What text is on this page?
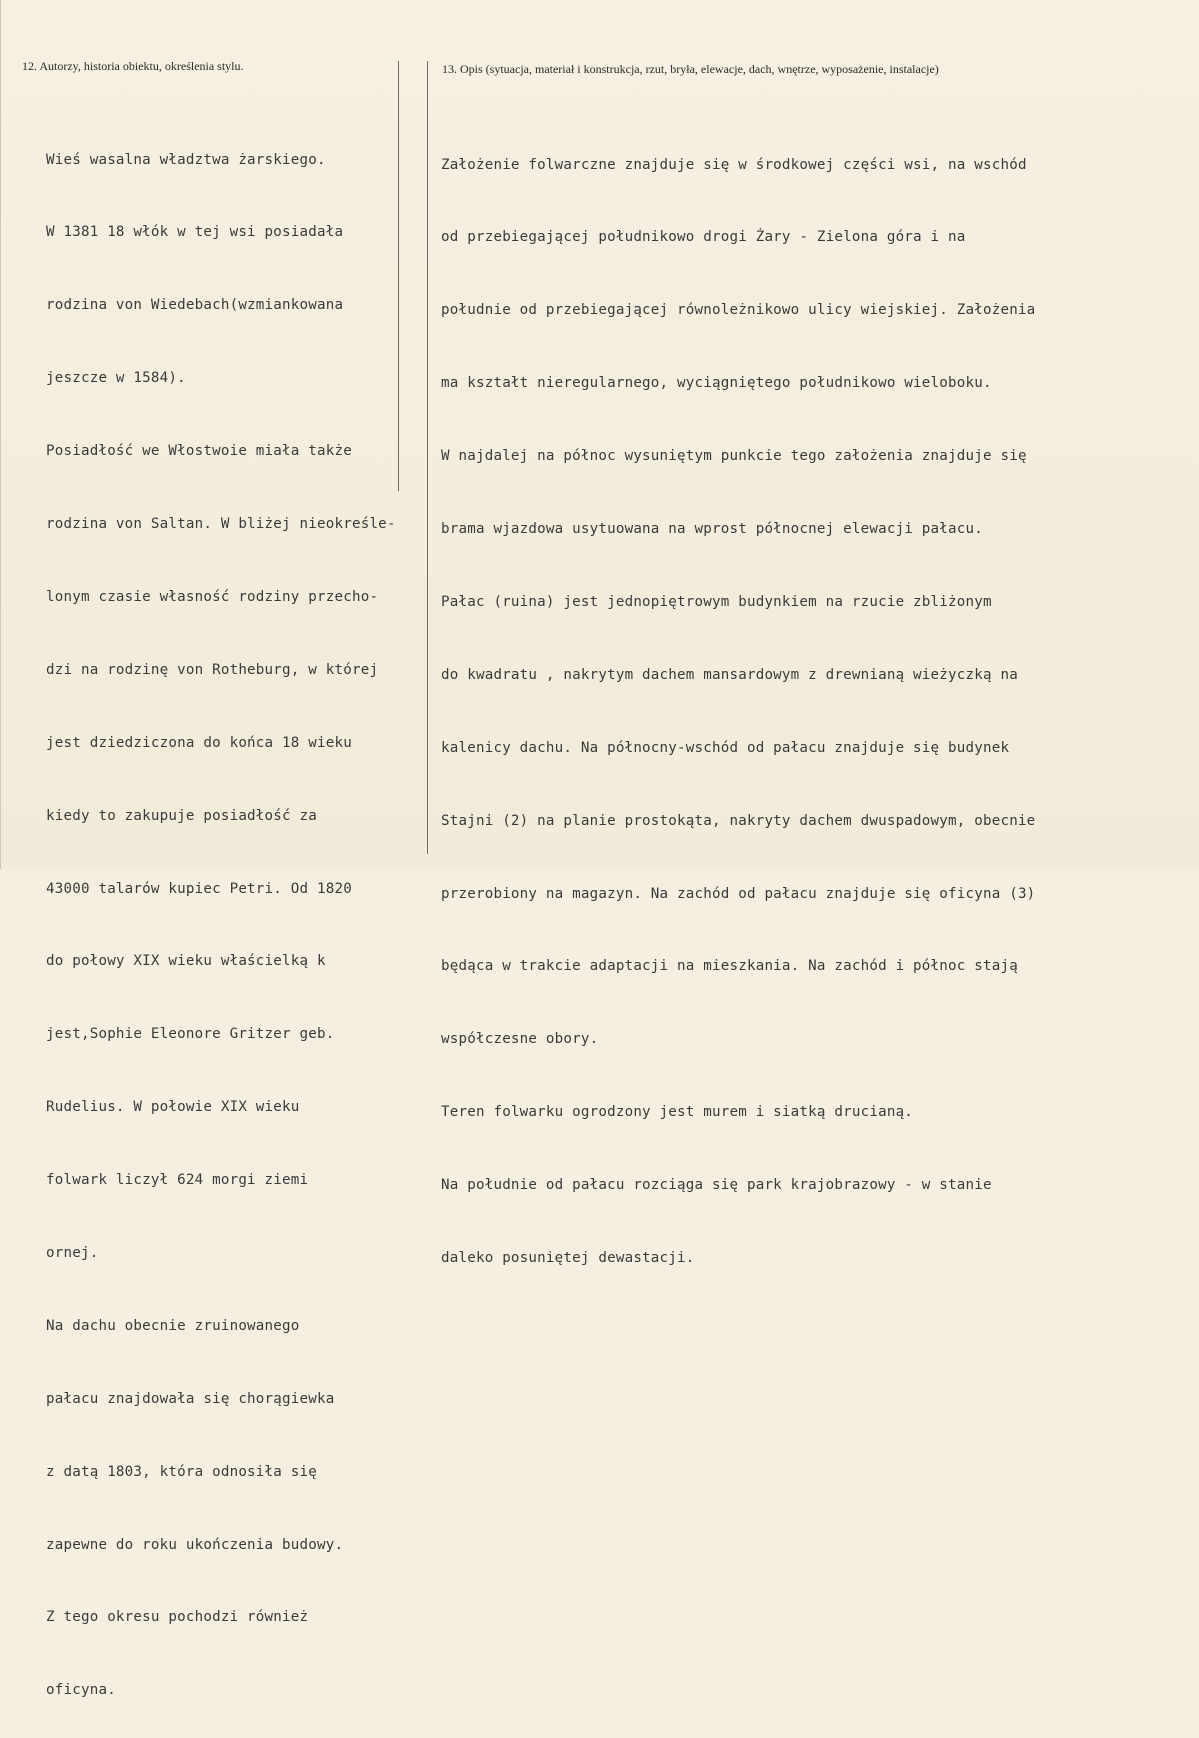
12. Autorzy, historia obiektu, określenia stylu.	13. Opis (sytuacja, materiał i konstrukcja, rzut, bryła, elewacje, dach, wnętrze, wyposażenie, instalacje)

Wieś wasalna władztwa żarskiego.

W 1381 18 włók w tej wsi posiadała

rodzina von Wiedebach(wzmiankowana

jeszcze w 1584).

Posiadłość we Włostwoie miała także

rodzina von Saltan. W bliżej nieokreśle-

lonym czasie własność rodziny przecho-

dzi na rodzinę von Rotheburg, w której

jest dziedziczona do końca 18 wieku

kiedy to zakupuje posiadłość za

43000 talarów kupiec Petri. Od 1820

do połowy XIX wieku właścielką k

jest,Sophie Eleonore Gritzer geb.

Rudelius. W połowie XIX wieku

folwark liczył 624 morgi ziemi

ornej.

Na dachu obecnie zruinowanego

pałacu znajdowała się chorągiewka

z datą 1803, która odnosiła się

zapewne do roku ukończenia budowy.

Z tego okresu pochodzi również

oficyna.

Założenie folwarczne znajduje się w środkowej części wsi, na wschód

od przebiegającej południkowo drogi Żary - Zielona góra i na

południe od przebiegającej równoleżnikowo ulicy wiejskiej. Założenia

ma kształt nieregularnego, wyciągniętego południkowo wieloboku.

W najdalej na północ wysuniętym punkcie tego założenia znajduje się

brama wjazdowa usytuowana na wprost północnej elewacji pałacu.

Pałac (ruina) jest jednopiętrowym budynkiem na rzucie zbliżonym

do kwadratu , nakrytym dachem mansardowym z drewnianą wieżyczką na

kalenicy dachu. Na północny-wschód od pałacu znajduje się budynek

Stajni (2) na planie prostokąta, nakryty dachem dwuspadowym, obecnie

przerobiony na magazyn. Na zachód od pałacu znajduje się oficyna (3)

będąca w trakcie adaptacji na mieszkania. Na zachód i północ stają

współczesne obory.

Teren folwarku ogrodzony jest murem i siatką drucianą.

Na południe od pałacu rozciąga się park krajobrazowy - w stanie

daleko posuniętej dewastacji.
